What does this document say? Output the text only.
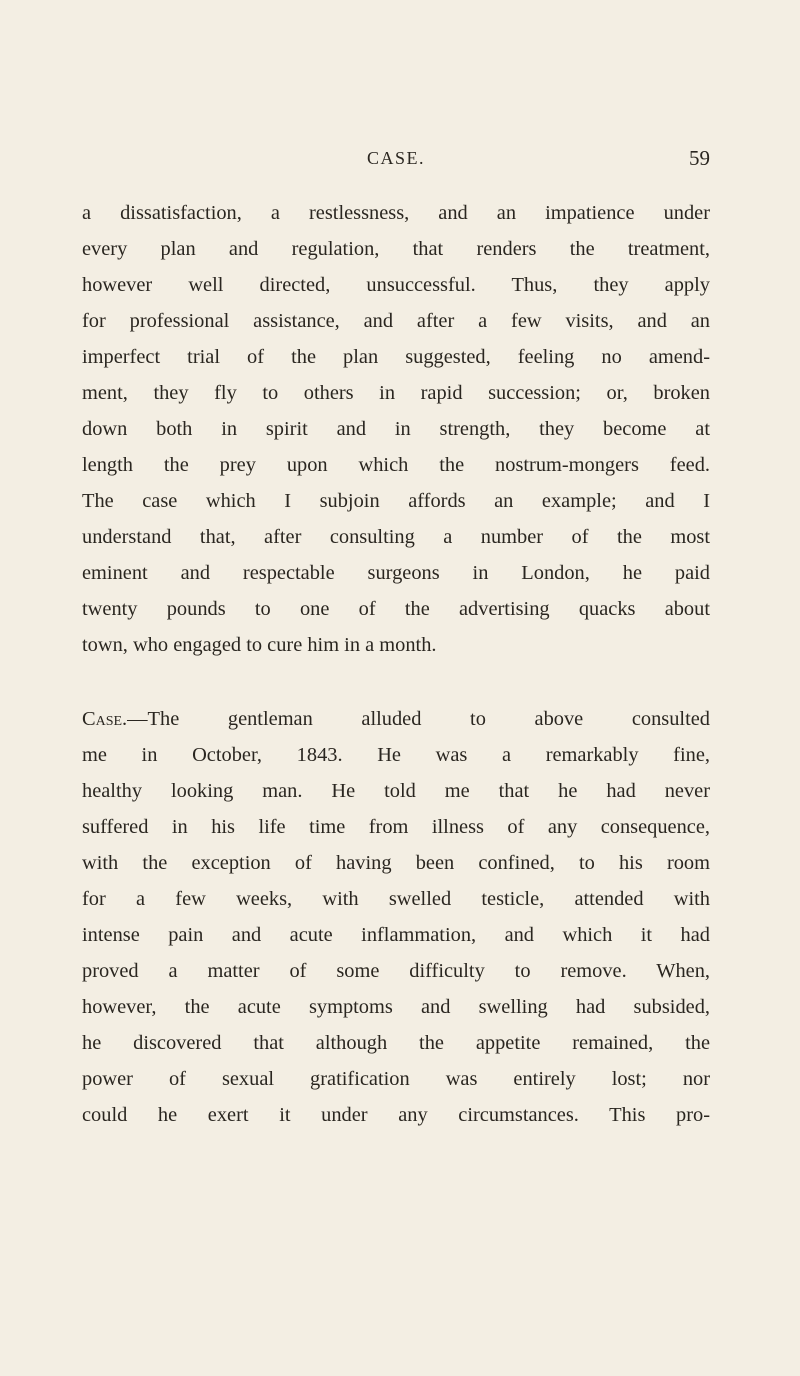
CASE.	59
a dissatisfaction, a restlessness, and an impatience under
every plan and regulation, that renders the treatment,
however well directed, unsuccessful. Thus, they apply
for professional assistance, and after a few visits, and an
imperfect trial of the plan suggested, feeling no amend-
ment, they fly to others in rapid succession; or, broken
down both in spirit and in strength, they become at
length the prey upon which the nostrum-mongers feed.
The case which I subjoin affords an example; and I
understand that, after consulting a number of the most
eminent and respectable surgeons in London, he paid
twenty pounds to one of the advertising quacks about
town, who engaged to cure him in a month.
Case.—The gentleman alluded to above consulted
me in October, 1843. He was a remarkably fine,
healthy looking man. He told me that he had never
suffered in his life time from illness of any consequence,
with the exception of having been confined, to his room
for a few weeks, with swelled testicle, attended with
intense pain and acute inflammation, and which it had
proved a matter of some difficulty to remove. When,
however, the acute symptoms and swelling had subsided,
he discovered that although the appetite remained, the
power of sexual gratification was entirely lost; nor
could he exert it under any circumstances. This pro-
